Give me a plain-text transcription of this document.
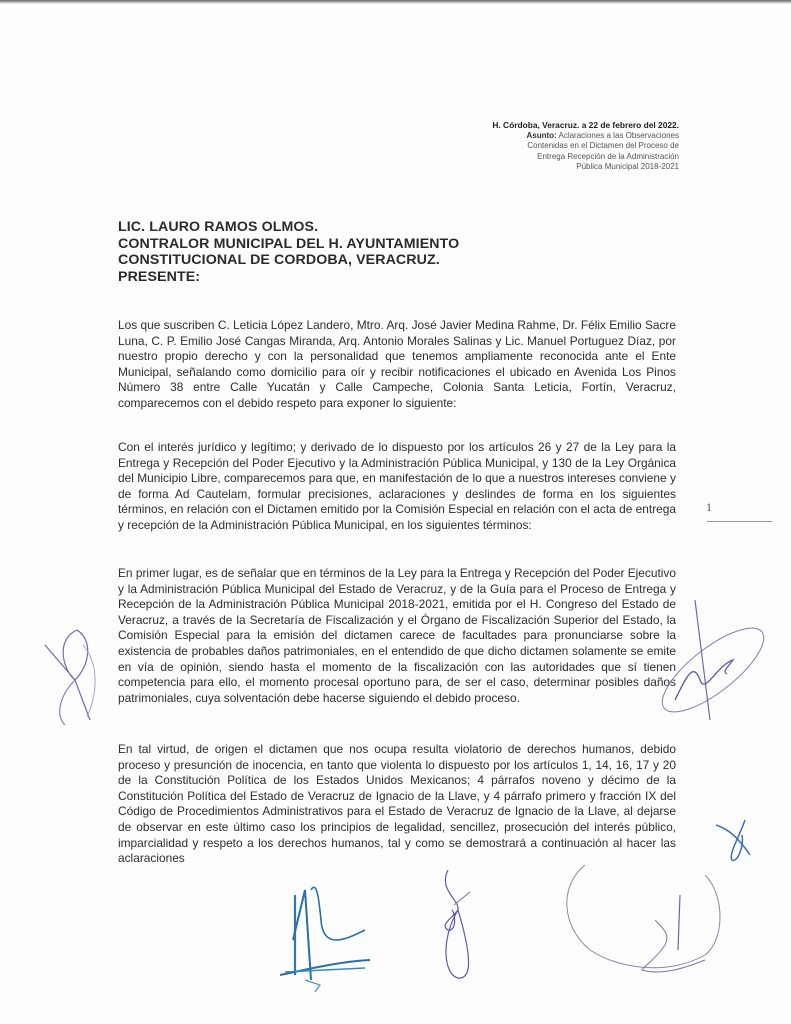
H. Córdoba, Veracruz. a 22 de febrero del 2022.
Asunto: Aclaraciones a las Observaciones
Contenidas en el Dictamen del Proceso de
Entrega Recepción de la Administración
Pública Municipal 2018-2021
LIC. LAURO RAMOS OLMOS.
CONTRALOR MUNICIPAL DEL H. AYUNTAMIENTO
CONSTITUCIONAL DE CORDOBA, VERACRUZ.
PRESENTE:

Los que suscriben C. Leticia López Landero, Mtro. Arq. José Javier Medina Rahme, Dr. Félix Emilio Sacre Luna, C. P. Emilio José Cangas Miranda, Arq. Antonio Morales Salinas y Lic. Manuel Portuguez Díaz, por nuestro propio derecho y con la personalidad que tenemos ampliamente reconocida ante el Ente Municipal, señalando como domicilio para oír y recibir notificaciones el ubicado en Avenida Los Pinos Número 38 entre Calle Yucatán y Calle Campeche, Colonia Santa Leticia, Fortín, Veracruz, comparecemos con el debido respeto para exponer lo siguiente:

Con el interés jurídico y legítimo; y derivado de lo dispuesto por los artículos 26 y 27 de la Ley para la Entrega y Recepción del Poder Ejecutivo y la Administración Pública Municipal, y 130 de la Ley Orgánica del Municipio Libre, comparecemos para que, en manifestación de lo que a nuestros intereses conviene y de forma Ad Cautelam, formular precisiones, aclaraciones y deslindes de forma en los siguientes términos, en relación con el Dictamen emitido por la Comisión Especial en relación con el acta de entrega y recepción de la Administración Pública Municipal, en los siguientes términos:

En primer lugar, es de señalar que en términos de la Ley para la Entrega y Recepción del Poder Ejecutivo y la Administración Pública Municipal del Estado de Veracruz, y de la Guía para el Proceso de Entrega y Recepción de la Administración Pública Municipal 2018-2021, emitida por el H. Congreso del Estado de Veracruz, a través de la Secretaría de Fiscalización y el Órgano de Fiscalización Superior del Estado, la Comisión Especial para la emisión del dictamen carece de facultades para pronunciarse sobre la existencia de probables daños patrimoniales, en el entendido de que dicho dictamen solamente se emite en vía de opinión, siendo hasta el momento de la fiscalización con las autoridades que sí tienen competencia para ello, el momento procesal oportuno para, de ser el caso, determinar posibles daños patrimoniales, cuya solventación debe hacerse siguiendo el debido proceso.

En tal virtud, de origen el dictamen que nos ocupa resulta violatorio de derechos humanos, debido proceso y presunción de inocencia, en tanto que violenta lo dispuesto por los artículos 1, 14, 16, 17 y 20 de la Constitución Política de los Estados Unidos Mexicanos; 4 párrafos noveno y décimo de la Constitución Política del Estado de Veracruz de Ignacio de la Llave, y 4 párrafo primero y fracción IX del Código de Procedimientos Administrativos para el Estado de Veracruz de Ignacio de la Llave, al dejarse de observar en este último caso los principios de legalidad, sencillez, prosecución del interés público, imparcialidad y respeto a los derechos humanos, tal y como se demostrará a continuación al hacer las aclaraciones

1
